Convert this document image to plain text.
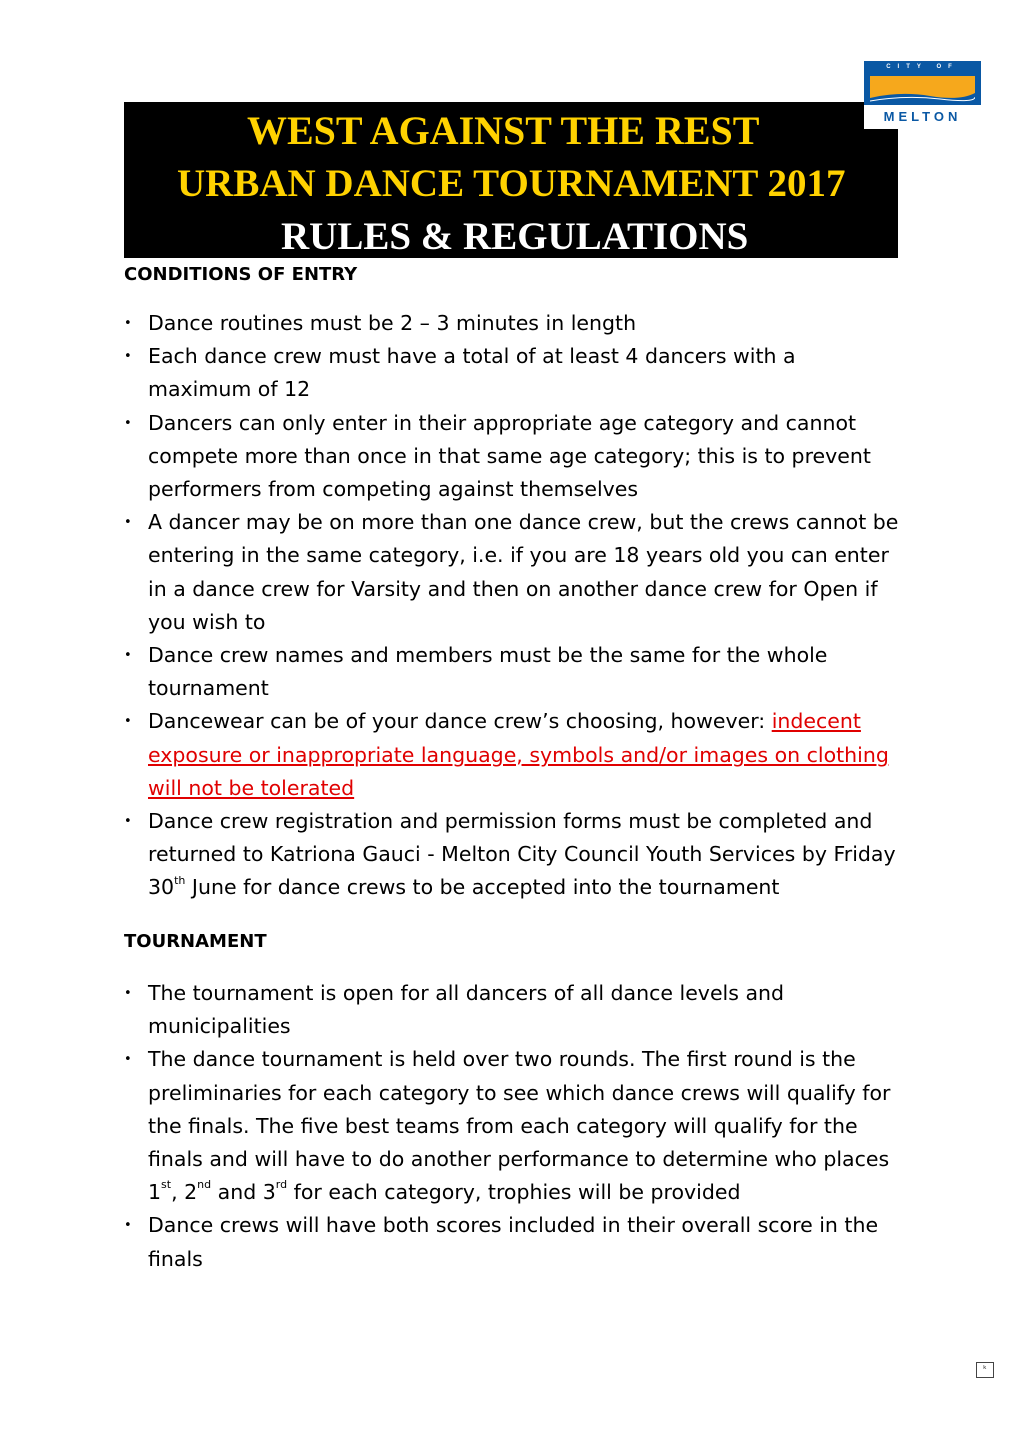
WEST AGAINST THE REST
URBAN DANCE TOURNAMENT 2017
RULES & REGULATIONS
CITY OF
MELTON
CONDITIONS OF ENTRY
• Dance routines must be 2 – 3 minutes in length
• Each dance crew must have a total of at least 4 dancers with a maximum of 12
• Dancers can only enter in their appropriate age category and cannot compete more than once in that same age category; this is to prevent performers from competing against themselves
• A dancer may be on more than one dance crew, but the crews cannot be entering in the same category, i.e. if you are 18 years old you can enter in a dance crew for Varsity and then on another dance crew for Open if you wish to
• Dance crew names and members must be the same for the whole tournament
• Dancewear can be of your dance crew’s choosing, however: indecent exposure or inappropriate language, symbols and/or images on clothing will not be tolerated
• Dance crew registration and permission forms must be completed and returned to Katriona Gauci - Melton City Council Youth Services by Friday 30th June for dance crews to be accepted into the tournament
TOURNAMENT
• The tournament is open for all dancers of all dance levels and municipalities
• The dance tournament is held over two rounds. The first round is the preliminaries for each category to see which dance crews will qualify for the finals. The five best teams from each category will qualify for the finals and will have to do another performance to determine who places 1st, 2nd and 3rd for each category, trophies will be provided
• Dance crews will have both scores included in their overall score in the finals
ᵏ
